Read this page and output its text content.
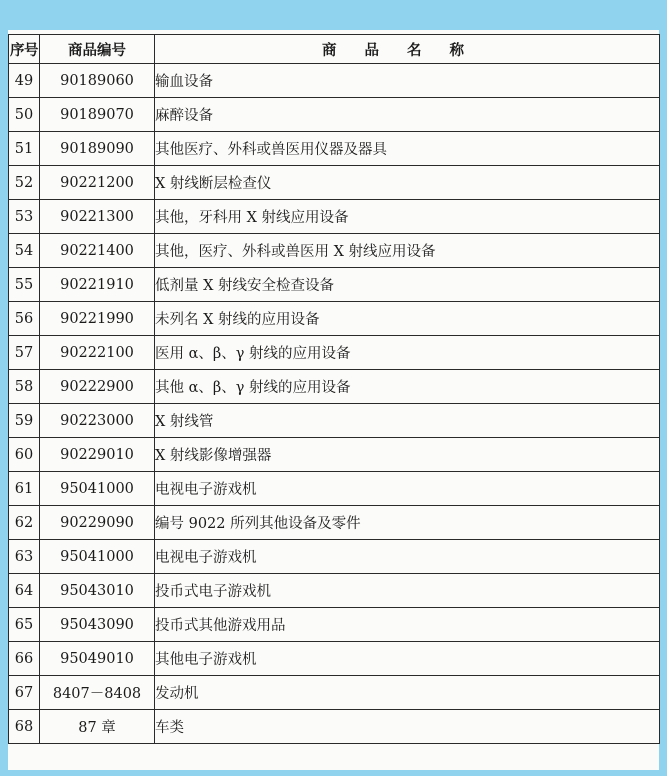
序号	商品编号	商品名称
49	90189060	输血设备
50	90189070	麻醉设备
51	90189090	其他医疗、外科或兽医用仪器及器具
52	90221200	X 射线断层检查仪
53	90221300	其他，牙科用 X 射线应用设备
54	90221400	其他，医疗、外科或兽医用 X 射线应用设备
55	90221910	低剂量 X 射线安全检查设备
56	90221990	未列名 X 射线的应用设备
57	90222100	医用 α、β、γ 射线的应用设备
58	90222900	其他 α、β、γ 射线的应用设备
59	90223000	X 射线管
60	90229010	X 射线影像增强器
61	95041000	电视电子游戏机
62	90229090	编号 9022 所列其他设备及零件
63	95041000	电视电子游戏机
64	95043010	投币式电子游戏机
65	95043090	投币式其他游戏用品
66	95049010	其他电子游戏机
67	8407－8408	发动机
68	87 章	车类
